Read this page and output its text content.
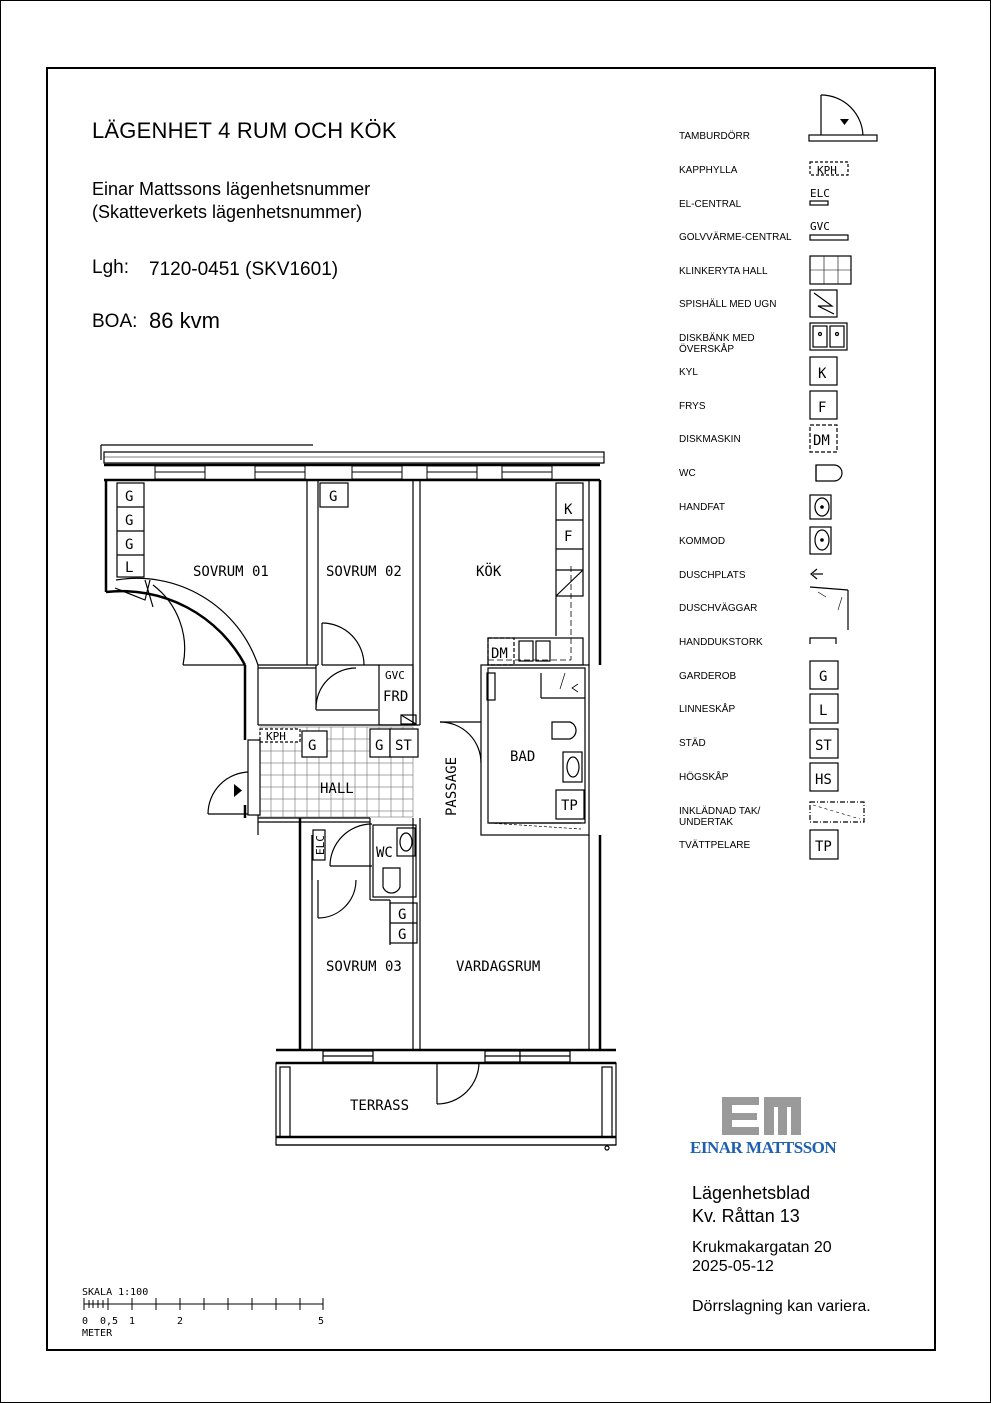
LÄGENHET 4 RUM OCH KÖK
Einar Mattssons lägenhetsnummer
(Skatteverkets lägenhetsnummer)
Lgh: 7120-0451 (SKV1601)
BOA: 86 kvm
KPH
ELC
GVC
K
F
DM
G
L
ST
HS
TP
TAMBURDÖRR
KAPPHYLLA
EL-CENTRAL
GOLVVÄRME-CENTRAL
KLINKERYTA HALL
SPISHÄLL MED UGN
DISKBÄNK MED
ÖVERSKÅP
KYL
FRYS
DISKMASKIN
WC
HANDFAT
KOMMOD
DUSCHPLATS
DUSCHVÄGGAR
HANDDUKSTORK
GARDEROB
LINNESKÅP
STÄD
HÖGSKÅP
INKLÄDNAD TAK/
UNDERTAK
TVÄTTPELARE
SOVRUM 01	SOVRUM 02	KÖK
HALL
BAD
WC
SOVRUM 03	VARDAGSRUM
TERRASS
PASSAGE
G
G
G
L
G
K
F
DM
FRD
G	G ST
TP
G
G
GVC
KPH
ELC
SKALA 1:100
0 0,5 1	2	5
METER
EINAR MATTSSON
Lägenhetsblad
Kv. Råttan 13
Krukmakargatan 20
2025-05-12
Dörrslagning kan variera.
